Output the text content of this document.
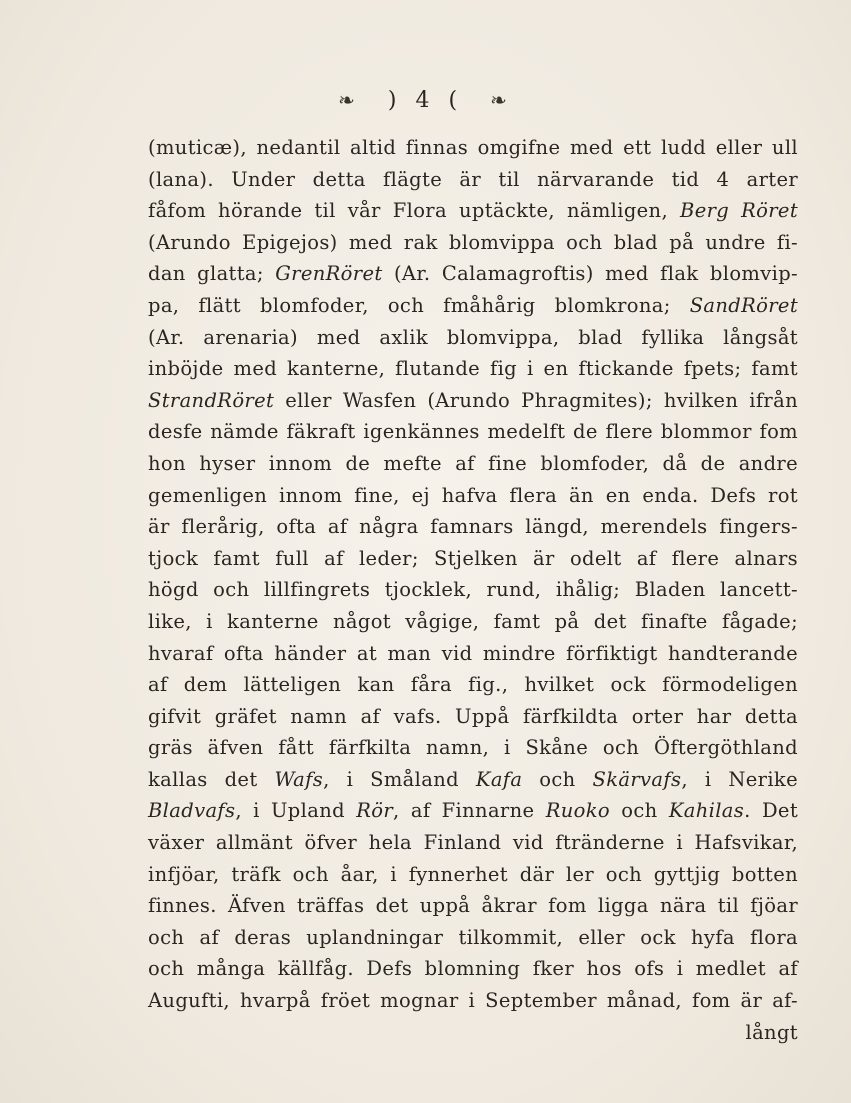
❧ ) 4 ( ❧
(muticæ), nedantil altid finnas omgifne med ett ludd eller ull
(lana). Under detta flägte är til närvarande tid 4 arter
fåfom hörande til vår Flora uptäckte, nämligen, Berg Röret
(Arundo Epigejos) med rak blomvippa och blad på undre fi-
dan glatta; GrenRöret (Ar. Calamagroftis) med flak blomvip-
pa, flätt blomfoder, och fmåhårig blomkrona; SandRöret
(Ar. arenaria) med axlik blomvippa, blad fyllika långsåt
inböjde med kanterne, flutande fig i en ftickande fpets; famt
StrandRöret eller Wasfen (Arundo Phragmites); hvilken ifrån
desfe nämde fäkraft igenkännes medelft de flere blommor fom
hon hyser innom de mefte af fine blomfoder, då de andre
gemenligen innom fine, ej hafva flera än en enda. Defs rot
är flerårig, ofta af några famnars längd, merendels fingers-
tjock famt full af leder; Stjelken är odelt af flere alnars
högd och lillfingrets tjocklek, rund, ihålig; Bladen lancett-
like, i kanterne något vågige, famt på det finafte fågade;
hvaraf ofta händer at man vid mindre förfiktigt handterande
af dem lätteligen kan fåra fig., hvilket ock förmodeligen
gifvit gräfet namn af vafs. Uppå färfkildta orter har detta
gräs äfven fått färfkilta namn, i Skåne och Öftergöthland
kallas det Wafs, i Småland Kafa och Skärvafs, i Nerike
Bladvafs, i Upland Rör, af Finnarne Ruoko och Kahilas. Det
växer allmänt öfver hela Finland vid ftränderne i Hafsvikar,
infjöar, träfk och åar, i fynnerhet där ler och gyttjig botten
finnes. Äfven träffas det uppå åkrar fom ligga nära til fjöar
och af deras uplandningar tilkommit, eller ock hyfa flora
och många källfåg. Defs blomning fker hos ofs i medlet af
Augufti, hvarpå fröet mognar i September månad, fom är af-
långt
